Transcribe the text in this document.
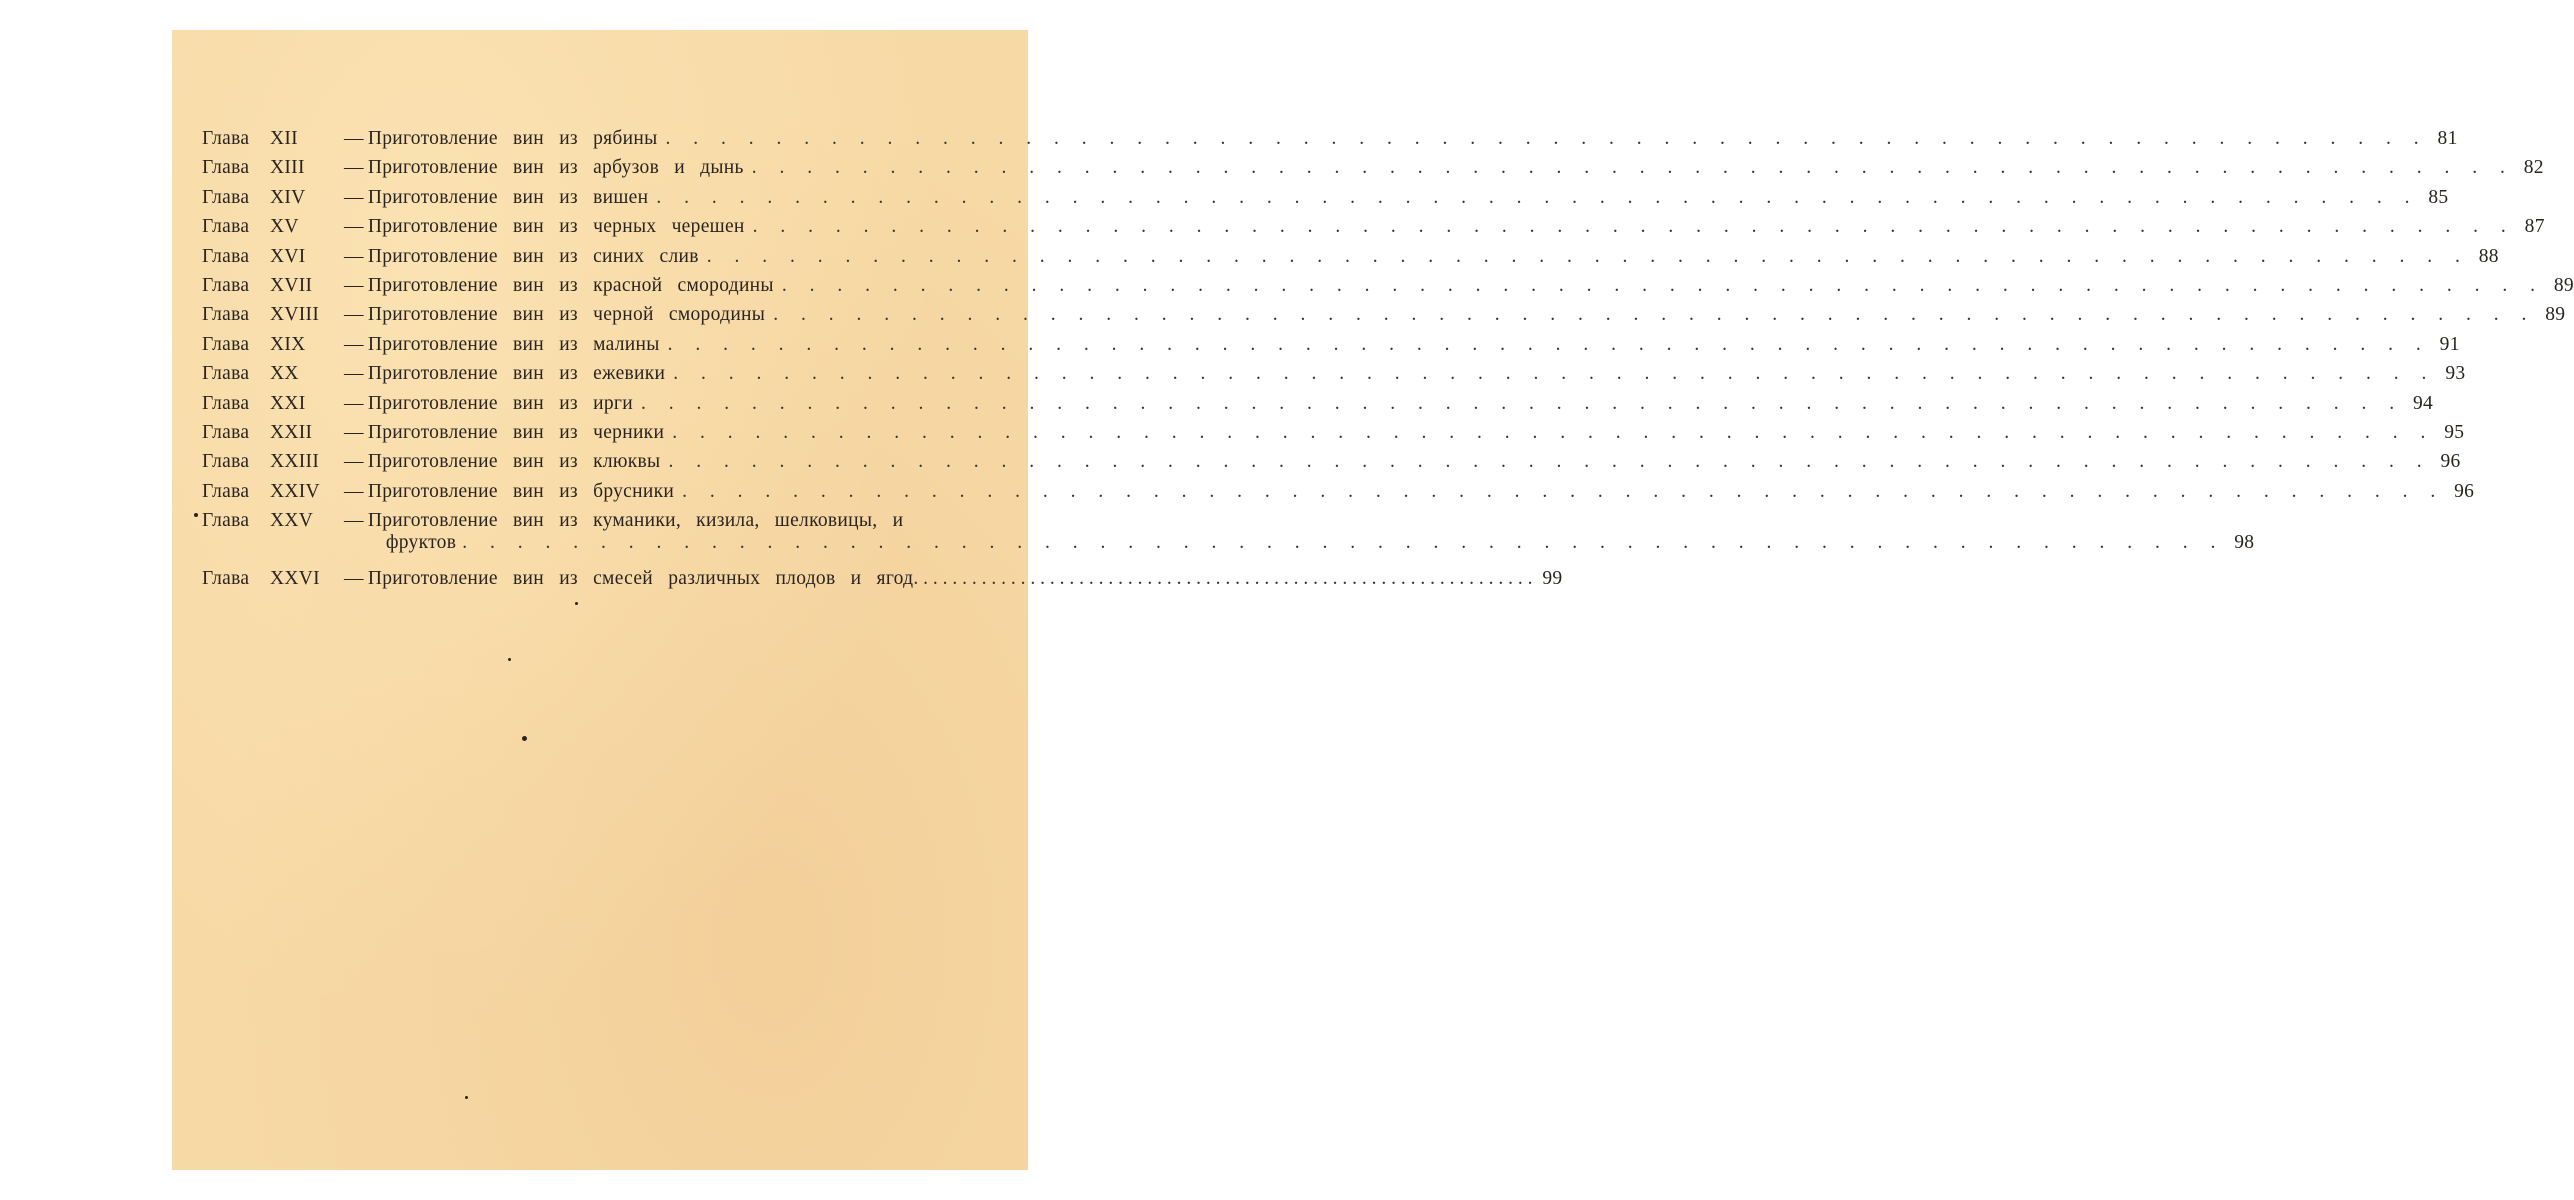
Глава	XII	— Приготовление вин из рябины . . .	81
Глава	XIII	— Приготовление вин из арбузов и дынь . . .	82
Глава	XIV	— Приготовление вин из вишен . . .	85
Глава	XV	— Приготовление вин из черных черешен . . .	87
Глава	XVI	— Приготовление вин из синих слив . . .	88
Глава	XVII	— Приготовление вин из красной смородины . . .	89
Глава	XVIII	— Приготовление вин из черной смородины . . .	89
Глава	XIX	— Приготовление вин из малины . . .	91
Глава	XX	— Приготовление вин из ежевики . . .	93
Глава	XXI	— Приготовление вин из ирги . . .	94
Глава	XXII	— Приготовление вин из черники . . .	95
Глава	XXIII	— Приготовление вин из клюквы . . .	96
Глава	XXIV	— Приготовление вин из брусники . . .	96
Глава	XXV	— Приготовление вин из куманики, кизила, шелковицы, и
фруктов . . .	98
Глава	XXVI	— Приготовление вин из смесей различных плодов и ягод . . .	99
